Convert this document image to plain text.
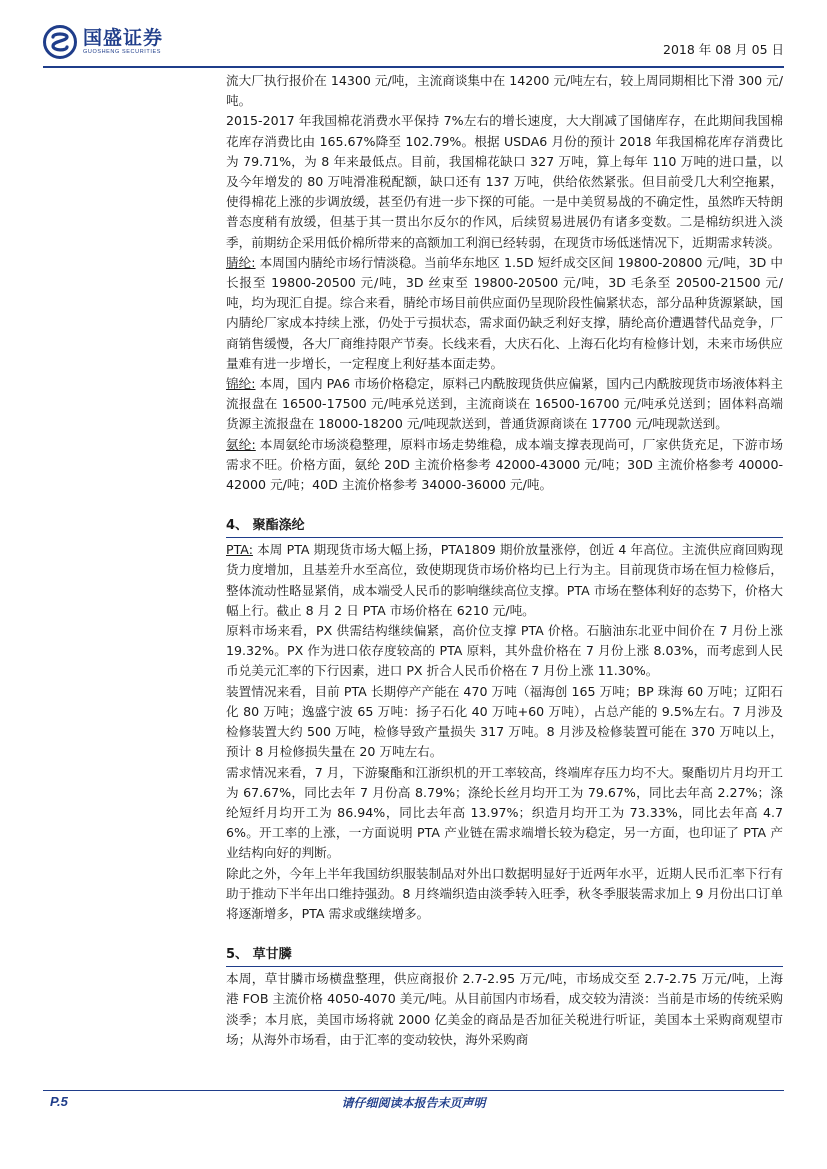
国盛证券
GUOSHENG SECURITIES	2018 年 08 月 05 日

流大厂执行报价在 14300 元/吨，主流商谈集中在 14200 元/吨左右，较上周同期相比下滑 300 元/吨。

2015-2017 年我国棉花消费水平保持 7%左右的增长速度，大大削减了国储库存，在此期间我国棉花库存消费比由 165.67%降至 102.79%。根据 USDA6 月份的预计 2018 年我国棉花库存消费比为 79.71%，为 8 年来最低点。目前，我国棉花缺口 327 万吨，算上每年 110 万吨的进口量，以及今年增发的 80 万吨滑准税配额，缺口还有 137 万吨，供给依然紧张。但目前受几大利空拖累，使得棉花上涨的步调放缓，甚至仍有进一步下探的可能。一是中美贸易战的不确定性，虽然昨天特朗普态度稍有放缓，但基于其一贯出尔反尔的作风，后续贸易进展仍有诸多变数。二是棉纺织进入淡季，前期纺企采用低价棉所带来的高额加工利润已经转弱，在现货市场低迷情况下，近期需求转淡。

腈纶: 本周国内腈纶市场行情淡稳。当前华东地区 1.5D 短纤成交区间 19800-20800 元/吨，3D 中长报至 19800-20500 元/吨，3D 丝束至 19800-20500 元/吨，3D 毛条至 20500-21500 元/吨，均为现汇自提。综合来看，腈纶市场目前供应面仍呈现阶段性偏紧状态，部分品种货源紧缺，国内腈纶厂家成本持续上涨，仍处于亏损状态，需求面仍缺乏利好支撑，腈纶高价遭遇替代品竞争，厂商销售缓慢，各大厂商维持限产节奏。长线来看，大庆石化、上海石化均有检修计划，未来市场供应量难有进一步增长，一定程度上利好基本面走势。

锦纶: 本周，国内 PA6 市场价格稳定，原料己内酰胺现货供应偏紧，国内己内酰胺现货市场液体料主流报盘在 16500-17500 元/吨承兑送到，主流商谈在 16500-16700 元/吨承兑送到；固体料高端货源主流报盘在 18000-18200 元/吨现款送到，普通货源商谈在 17700 元/吨现款送到。

氨纶: 本周氨纶市场淡稳整理，原料市场走势维稳，成本端支撑表现尚可，厂家供货充足，下游市场需求不旺。价格方面，氨纶 20D 主流价格参考 42000-43000 元/吨；30D 主流价格参考 40000-42000 元/吨；40D 主流价格参考 34000-36000 元/吨。

4、 聚酯涤纶

PTA: 本周 PTA 期现货市场大幅上扬，PTA1809 期价放量涨停，创近 4 年高位。主流供应商回购现货力度增加，且基差升水至高位，致使期现货市场价格均已上行为主。目前现货市场在恒力检修后，整体流动性略显紧俏，成本端受人民币的影响继续高位支撑。PTA 市场在整体利好的态势下，价格大幅上行。截止 8 月 2 日 PTA 市场价格在 6210 元/吨。

原料市场来看，PX 供需结构继续偏紧，高价位支撑 PTA 价格。石脑油东北亚中间价在 7 月份上涨 19.32%。PX 作为进口依存度较高的 PTA 原料，其外盘价格在 7 月份上涨 8.03%，而考虑到人民币兑美元汇率的下行因素，进口 PX 折合人民币价格在 7 月份上涨 11.30%。

装置情况来看，目前 PTA 长期停产产能在 470 万吨（福海创 165 万吨；BP 珠海 60 万吨；辽阳石化 80 万吨；逸盛宁波 65 万吨：扬子石化 40 万吨+60 万吨），占总产能的 9.5%左右。7 月涉及检修装置大约 500 万吨，检修导致产量损失 317 万吨。8 月涉及检修装置可能在 370 万吨以上，预计 8 月检修损失量在 20 万吨左右。

需求情况来看，7 月，下游聚酯和江浙织机的开工率较高，终端库存压力均不大。聚酯切片月均开工为 67.67%，同比去年 7 月份高 8.79%；涤纶长丝月均开工为 79.67%，同比去年高 2.27%；涤纶短纤月均开工为 86.94%，同比去年高 13.97%；织造月均开工为 73.33%，同比去年高 4.76%。开工率的上涨，一方面说明 PTA 产业链在需求端增长较为稳定，另一方面，也印证了 PTA 产业结构向好的判断。

除此之外，今年上半年我国纺织服装制品对外出口数据明显好于近两年水平，近期人民币汇率下行有助于推动下半年出口维持强劲。8 月终端织造由淡季转入旺季，秋冬季服装需求加上 9 月份出口订单将逐渐增多，PTA 需求或继续增多。

5、 草甘膦

本周，草甘膦市场横盘整理，供应商报价 2.7-2.95 万元/吨，市场成交至 2.7-2.75 万元/吨，上海港 FOB 主流价格 4050-4070 美元/吨。从目前国内市场看，成交较为清淡：当前是市场的传统采购淡季；本月底，美国市场将就 2000 亿美金的商品是否加征关税进行听证，美国本土采购商观望市场；从海外市场看，由于汇率的变动较快，海外采购商

P.5	请仔细阅读本报告末页声明
